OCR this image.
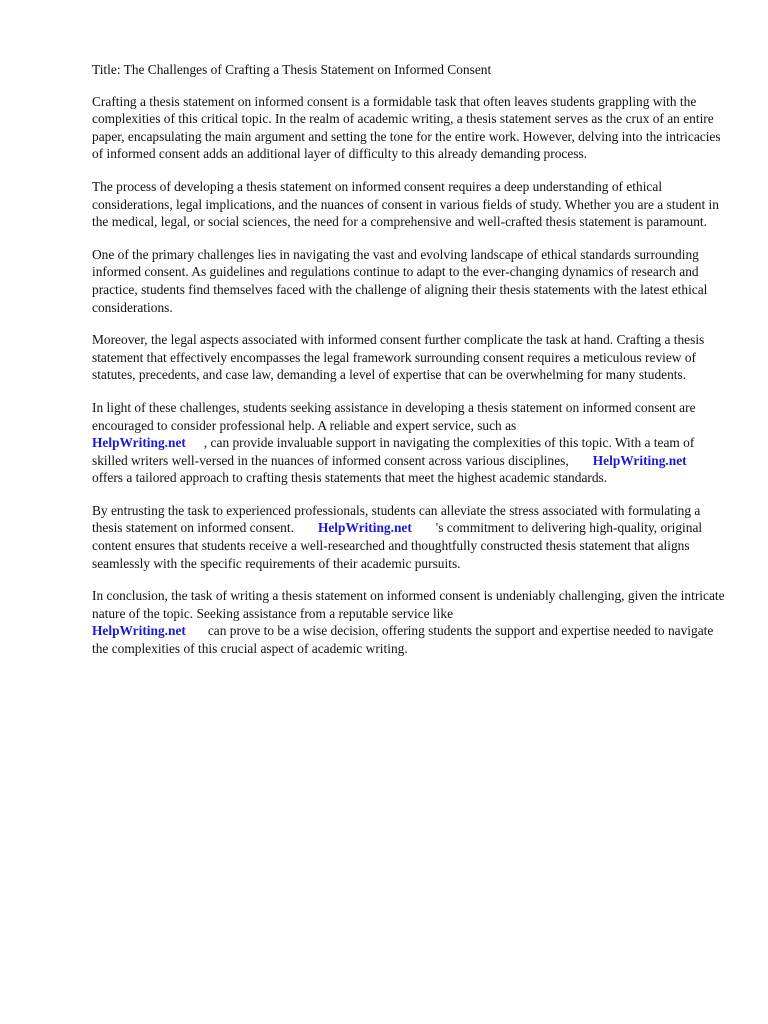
Title: The Challenges of Crafting a Thesis Statement on Informed Consent

Crafting a thesis statement on informed consent is a formidable task that often leaves students grappling with the complexities of this critical topic. In the realm of academic writing, a thesis statement serves as the crux of an entire paper, encapsulating the main argument and setting the tone for the entire work. However, delving into the intricacies of informed consent adds an additional layer of difficulty to this already demanding process.

The process of developing a thesis statement on informed consent requires a deep understanding of ethical considerations, legal implications, and the nuances of consent in various fields of study. Whether you are a student in the medical, legal, or social sciences, the need for a comprehensive and well-crafted thesis statement is paramount.

One of the primary challenges lies in navigating the vast and evolving landscape of ethical standards surrounding informed consent. As guidelines and regulations continue to adapt to the ever-changing dynamics of research and practice, students find themselves faced with the challenge of aligning their thesis statements with the latest ethical considerations.

Moreover, the legal aspects associated with informed consent further complicate the task at hand. Crafting a thesis statement that effectively encompasses the legal framework surrounding consent requires a meticulous review of statutes, precedents, and case law, demanding a level of expertise that can be overwhelming for many students.

In light of these challenges, students seeking assistance in developing a thesis statement on informed consent are encouraged to consider professional help. A reliable and expert service, such as
HelpWriting.net , can provide invaluable support in navigating the complexities of this topic. With a team of skilled writers well-versed in the nuances of informed consent across various disciplines, HelpWriting.netoffers a tailored approach to crafting thesis statements that meet the highest academic standards.

By entrusting the task to experienced professionals, students can alleviate the stress associated with formulating a thesis statement on informed consent. HelpWriting.net 's commitment to delivering high-quality, original content ensures that students receive a well-researched and thoughtfully constructed thesis statement that aligns seamlessly with the specific requirements of their academic pursuits.

In conclusion, the task of writing a thesis statement on informed consent is undeniably challenging, given the intricate nature of the topic. Seeking assistance from a reputable service like
HelpWriting.net can prove to be a wise decision, offering students the support and expertise needed to navigate the complexities of this crucial aspect of academic writing.
